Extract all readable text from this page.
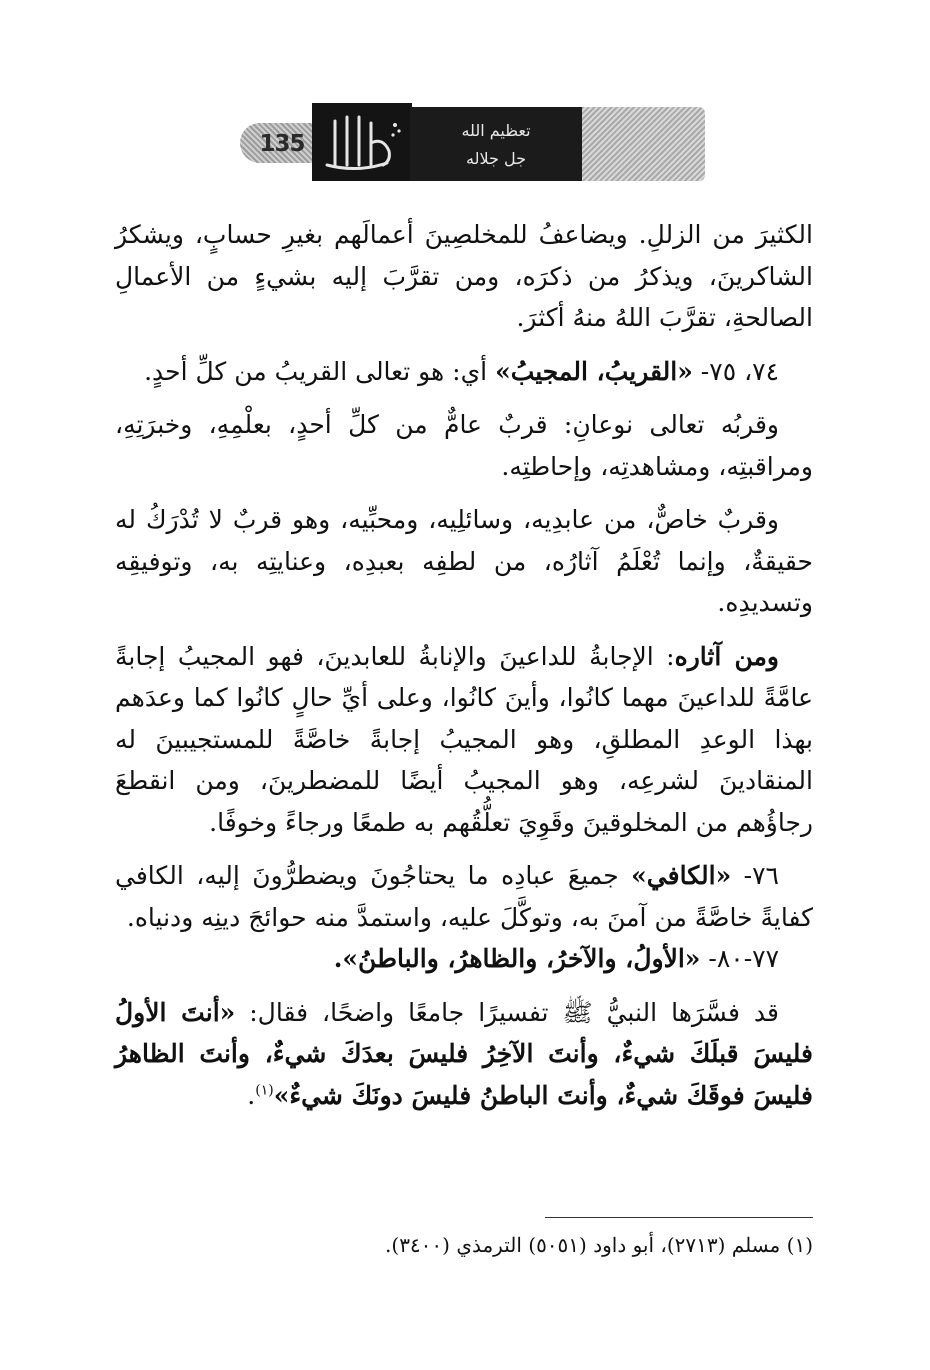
135
تعظيم الله
جل جلاله

الكثيرَ من الزللِ. ويضاعفُ للمخلصِينَ أعمالَهم بغيرِ حسابٍ، ويشكرُ الشاكرينَ، ويذكرُ من ذكرَه، ومن تقرَّبَ إليه بشيءٍ من الأعمالِ الصالحةِ، تقرَّبَ اللهُ منهُ أكثرَ.

٧٤، ٧٥- «القريبُ، المجيبُ» أي: هو تعالى القريبُ من كلِّ أحدٍ.

وقربُه تعالى نوعانِ: قربٌ عامٌّ من كلِّ أحدٍ، بعلْمِهِ، وخبرَتِهِ، ومراقبتِه، ومشاهدتِه، وإحاطتِه.

وقربٌ خاصٌّ، من عابدِيه، وسائلِيه، ومحبِّيه، وهو قربٌ لا تُدْرَكُ له حقيقةٌ، وإنما تُعْلَمُ آثارُه، من لطفِه بعبدِه، وعنايتِه به، وتوفيقِه وتسديدِه.

ومن آثاره: الإجابةُ للداعينَ والإنابةُ للعابدينَ، فهو المجيبُ إجابةً عامَّةً للداعينَ مهما كانُوا، وأينَ كانُوا، وعلى أيِّ حالٍ كانُوا كما وعدَهم بهذا الوعدِ المطلقِ، وهو المجيبُ إجابةً خاصَّةً للمستجيبينَ له المنقادينَ لشرعِه، وهو المجيبُ أيضًا للمضطرينَ، ومن انقطعَ رجاؤُهم من المخلوقينَ وقَوِيَ تعلُّقُهم به طمعًا ورجاءً وخوفًا.

٧٦- «الكافي» جميعَ عبادِه ما يحتاجُونَ ويضطرُّونَ إليه، الكافي كفايةً خاصَّةً من آمنَ به، وتوكَّلَ عليه، واستمدَّ منه حوائجَ دينِه ودنياه.

٧٧-٨٠- «الأولُ، والآخرُ، والظاهرُ، والباطنُ».

قد فسَّرَها النبيُّ ﷺ تفسيرًا جامعًا واضحًا، فقال: «أنتَ الأولُ فليسَ قبلَكَ شيءٌ، وأنتَ الآخِرُ فليسَ بعدَكَ شيءٌ، وأنتَ الظاهرُ فليسَ فوقَكَ شيءٌ، وأنتَ الباطنُ فليسَ دونَكَ شيءٌ»$^{(١)}$.

(١) مسلم (٢٧١٣)، أبو داود (٥٠٥١) الترمذي (٣٤٠٠).
